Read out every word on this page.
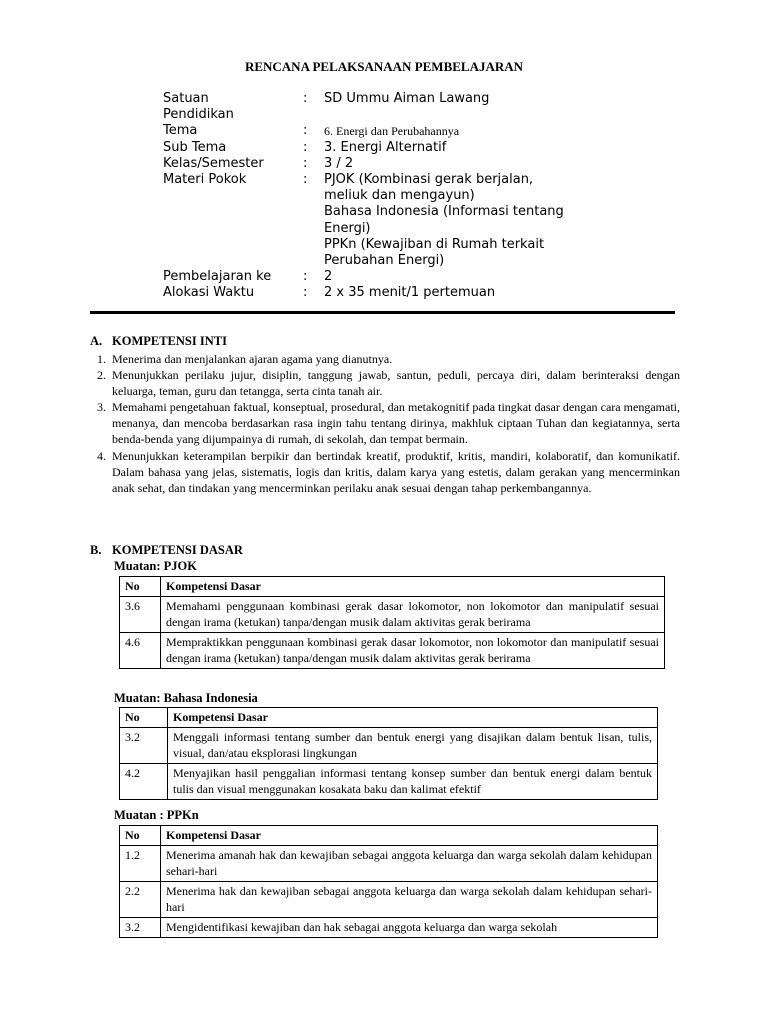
RENCANA PELAKSANAAN PEMBELAJARAN
Satuan
Pendidikan
:	SD Ummu Aiman Lawang
Tema	:	6. Energi dan Perubahannya
Sub Tema	:	3. Energi Alternatif
Kelas/Semester	:	3 / 2
Materi Pokok	:	PJOK (Kombinasi gerak berjalan,
meliuk dan mengayun)
Bahasa Indonesia (Informasi tentang
Energi)
PPKn (Kewajiban di Rumah terkait
Perubahan Energi)
Pembelajaran ke	:	2
Alokasi Waktu	:	2 x 35 menit/1 pertemuan
A. KOMPETENSI INTI
1. Menerima dan menjalankan ajaran agama yang dianutnya.
2. Menunjukkan perilaku jujur, disiplin, tanggung jawab, santun, peduli, percaya diri, dalam berinteraksi dengan keluarga, teman, guru dan tetangga, serta cinta tanah air.
3. Memahami pengetahuan faktual, konseptual, prosedural, dan metakognitif pada tingkat dasar dengan cara mengamati, menanya, dan mencoba berdasarkan rasa ingin tahu tentang dirinya, makhluk ciptaan Tuhan dan kegiatannya, serta benda-benda yang dijumpainya di rumah, di sekolah, dan tempat bermain.
4. Menunjukkan keterampilan berpikir dan bertindak kreatif, produktif, kritis, mandiri, kolaboratif, dan komunikatif. Dalam bahasa yang jelas, sistematis, logis dan kritis, dalam karya yang estetis, dalam gerakan yang mencerminkan anak sehat, dan tindakan yang mencerminkan perilaku anak sesuai dengan tahap perkembangannya.
B. KOMPETENSI DASAR
Muatan: PJOK
No	Kompetensi Dasar
3.6	Memahami penggunaan kombinasi gerak dasar lokomotor, non lokomotor dan manipulatif sesuai dengan irama (ketukan) tanpa/dengan musik dalam aktivitas gerak berirama
4.6	Mempraktikkan penggunaan kombinasi gerak dasar lokomotor, non lokomotor dan manipulatif sesuai dengan irama (ketukan) tanpa/dengan musik dalam aktivitas gerak berirama
Muatan: Bahasa Indonesia
No	Kompetensi Dasar
3.2	Menggali informasi tentang sumber dan bentuk energi yang disajikan dalam bentuk lisan, tulis, visual, dan/atau eksplorasi lingkungan
4.2	Menyajikan hasil penggalian informasi tentang konsep sumber dan bentuk energi dalam bentuk tulis dan visual menggunakan kosakata baku dan kalimat efektif
Muatan : PPKn
No	Kompetensi Dasar
1.2	Menerima amanah hak dan kewajiban sebagai anggota keluarga dan warga sekolah dalam kehidupan sehari-hari
2.2	Menerima hak dan kewajiban sebagai anggota keluarga dan warga sekolah dalam kehidupan sehari-hari
3.2	Mengidentifikasi kewajiban dan hak sebagai anggota keluarga dan warga sekolah
